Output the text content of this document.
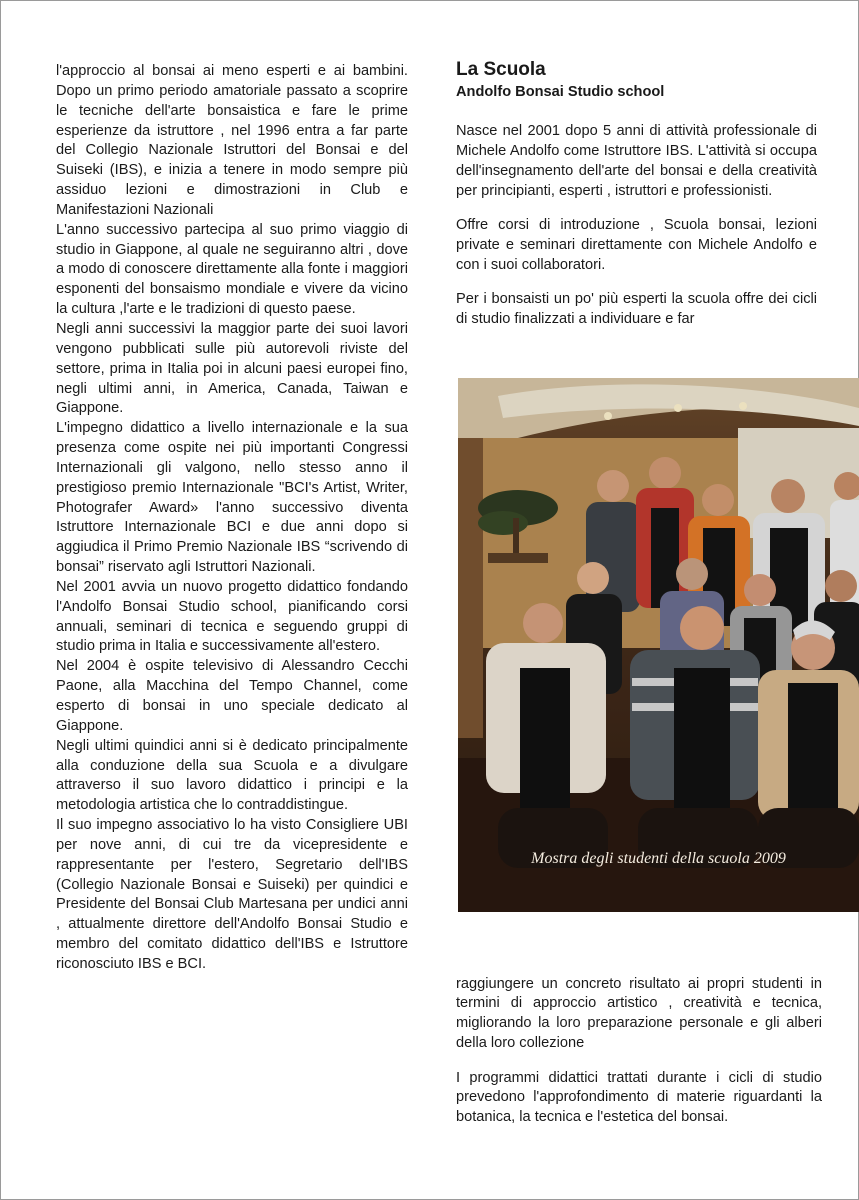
l'approccio al bonsai ai meno esperti e ai bambini. Dopo un primo periodo amatoriale passato a scoprire le tecniche dell'arte bonsaistica e fare le prime esperienze da istruttore , nel 1996 entra a far parte del Collegio Nazionale Istruttori del Bonsai e del Suiseki (IBS), e inizia a tenere in modo sempre più assiduo lezioni e dimostrazioni in Club e Manifestazioni Nazionali

L'anno successivo partecipa al suo primo viaggio di studio in Giappone, al quale ne seguiranno altri , dove a modo di conoscere direttamente alla fonte i maggiori esponenti del bonsaismo mondiale e vivere da vicino la cultura ,l'arte e le tradizioni di questo paese.

Negli anni successivi la maggior parte dei suoi lavori vengono pubblicati sulle più autorevoli riviste del settore, prima in Italia poi in alcuni paesi europei fino, negli ultimi anni, in America, Canada, Taiwan e Giappone.

L'impegno didattico a livello internazionale e la sua presenza come ospite nei più importanti Congressi Internazionali gli valgono, nello stesso anno il prestigioso premio Internazionale "BCI's Artist, Writer, Photografer Award» l'anno successivo diventa Istruttore Internazionale BCI e due anni dopo si aggiudica il Primo Premio Nazionale IBS “scrivendo di bonsai” riservato agli Istruttori Nazionali.

Nel 2001 avvia un nuovo progetto didattico fondando l'Andolfo Bonsai Studio school, pianificando corsi annuali, seminari di tecnica e seguendo gruppi di studio prima in Italia e successivamente all'estero.

Nel 2004 è ospite televisivo di Alessandro Cecchi Paone, alla Macchina del Tempo Channel, come esperto di bonsai in uno speciale dedicato al Giappone.

Negli ultimi quindici anni si è dedicato principalmente alla conduzione della sua Scuola e a divulgare attraverso il suo lavoro didattico i principi e la metodologia artistica che lo contraddistingue.

Il suo impegno associativo lo ha visto Consigliere UBI per nove anni, di cui tre da vicepresidente e rappresentante per l'estero, Segretario dell'IBS (Collegio Nazionale Bonsai e Suiseki) per quindici e Presidente del Bonsai Club Martesana per undici anni , attualmente direttore dell'Andolfo Bonsai Studio e membro del comitato didattico dell'IBS e Istruttore riconosciuto IBS e BCI.

La Scuola
Andolfo Bonsai Studio school

Nasce nel 2001 dopo 5 anni di attività professionale di Michele Andolfo come Istruttore IBS. L'attività si occupa dell'insegnamento dell'arte del bonsai e della creatività per principianti, esperti , istruttori e professionisti.

Offre corsi di introduzione , Scuola bonsai, lezioni private e seminari direttamente con Michele Andolfo e con i suoi collaboratori.

Per i bonsaisti un po' più esperti la scuola offre dei cicli di studio finalizzati a individuare e far

Mostra degli studenti della scuola 2009

raggiungere un concreto risultato ai propri studenti in termini di approccio artistico , creatività e tecnica, migliorando la loro preparazione personale e gli alberi della loro collezione

I programmi didattici trattati durante i cicli di studio prevedono l'approfondimento di materie riguardanti la botanica, la tecnica e l'estetica del bonsai.
